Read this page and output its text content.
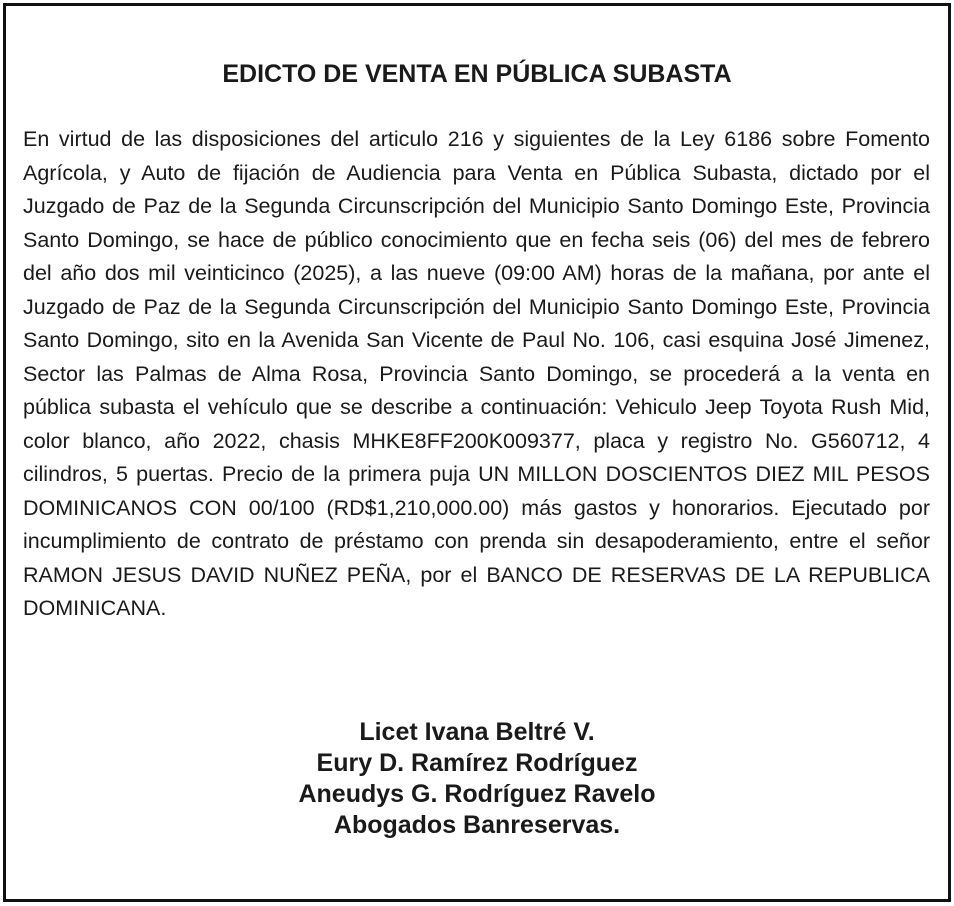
EDICTO DE VENTA EN PÚBLICA SUBASTA

En virtud de las disposiciones del articulo 216 y siguientes de la Ley 6186 sobre Fomento Agrícola, y Auto de fijación de Audiencia para Venta en Pública Subasta, dictado por el Juzgado de Paz de la Segunda Circunscripción del Municipio Santo Domingo Este, Provincia Santo Domingo, se hace de público conocimiento que en fecha seis (06) del mes de febrero del año dos mil veinticinco (2025), a las nueve (09:00 AM) horas de la mañana, por ante el Juzgado de Paz de la Segunda Circunscripción del Municipio Santo Domingo Este, Provincia Santo Domingo, sito en la Avenida San Vicente de Paul No. 106, casi esquina José Jimenez, Sector las Palmas de Alma Rosa, Provincia Santo Domingo, se procederá a la venta en pública subasta el vehículo que se describe a continuación: Vehiculo Jeep Toyota Rush Mid, color blanco, año 2022, chasis MHKE8FF200K009377, placa y registro No. G560712, 4 cilindros, 5 puertas. Precio de la primera puja UN MILLON DOSCIENTOS DIEZ MIL PESOS DOMINICANOS CON 00/100 (RD$1,210,000.00) más gastos y honorarios. Ejecutado por incumplimiento de contrato de préstamo con prenda sin desapoderamiento, entre el señor RAMON JESUS DAVID NUÑEZ PEÑA, por el BANCO DE RESERVAS DE LA REPUBLICA DOMINICANA.

Licet Ivana Beltré V.
Eury D. Ramírez Rodríguez
Aneudys G. Rodríguez Ravelo
Abogados Banreservas.
